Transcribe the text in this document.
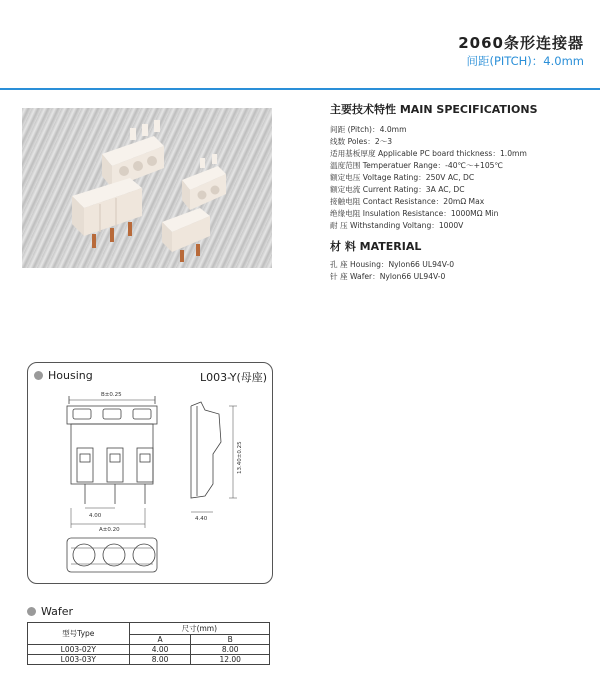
2060条形连接器
间距(PITCH)：4.0mm
主要技术特性 MAIN SPECIFICATIONS
间距 (Pitch)：4.0mm
线数 Poles：2～3
适用基板厚度 Applicable PC board thickness：1.0mm
温度范围 Temperatuer Range：-40℃～+105℃
额定电压 Voltage Rating：250V AC, DC
额定电流 Current Rating：3A AC, DC
接触电阻 Contact Resistance：20mΩ Max
绝缘电阻 Insulation Resistance：1000MΩ Min
耐 压 Withstanding Voltang：1000V
材 料 MATERIAL
孔 座 Housing：Nylon66 UL94V-0
针 座 Wafer：Nylon66 UL94V-0
Housing	L003-Y(母座)
B±0.25
4.00
A±0.20
13.40±0.25
4.40
Wafer
型号Type	尺寸(mm)	
	A	B
L003-02Y	4.00	8.00
L003-03Y	8.00	12.00
